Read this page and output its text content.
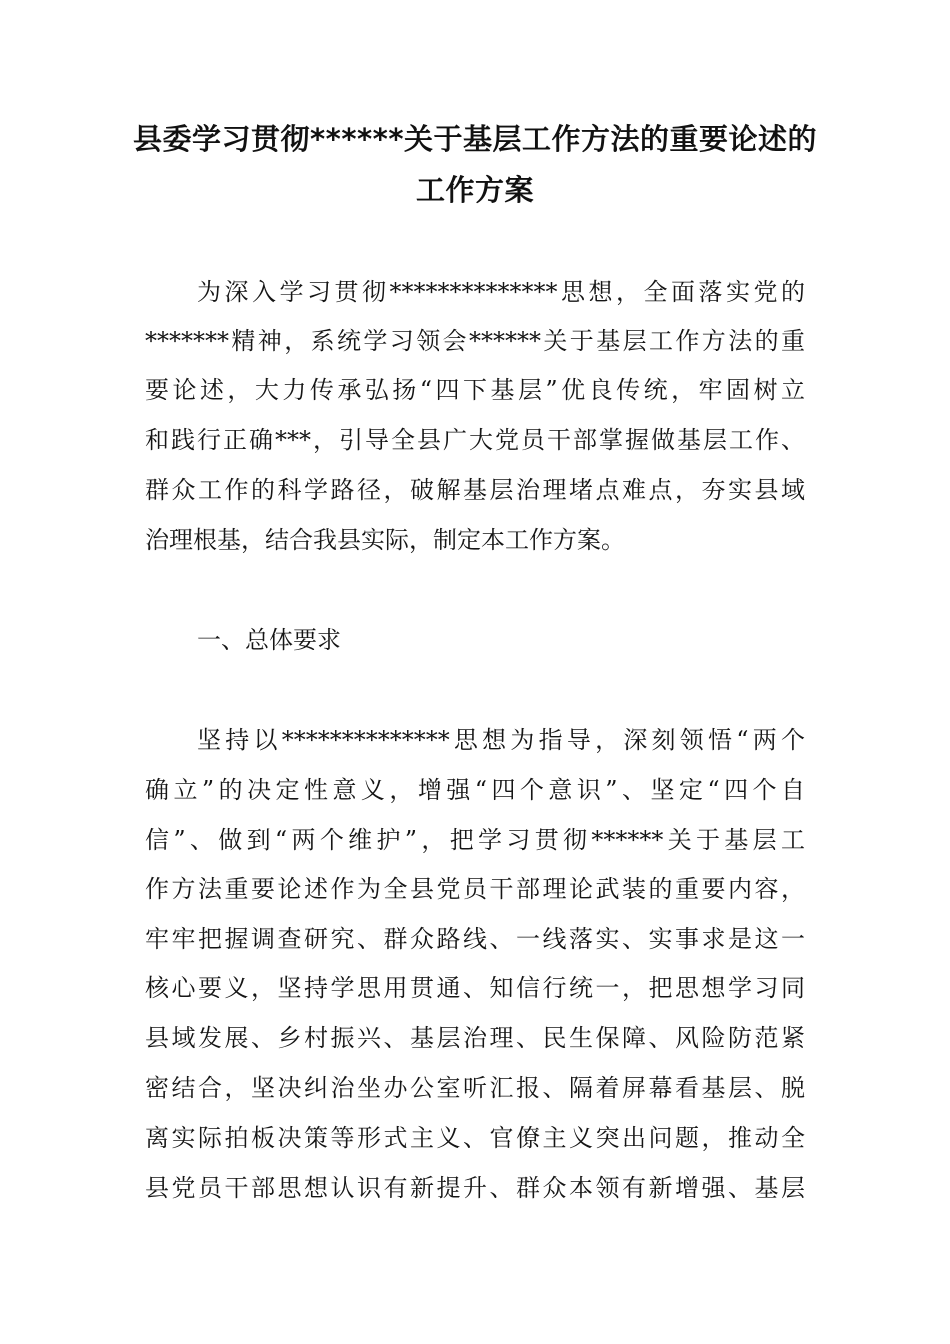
县委学习贯彻******关于基层工作方法的重要论述的
工作方案
为深入学习贯彻**************思想，全面落实党的
*******精神，系统学习领会******关于基层工作方法的重
要论述，大力传承弘扬“四下基层”优良传统，牢固树立
和践行正确***，引导全县广大党员干部掌握做基层工作、
群众工作的科学路径，破解基层治理堵点难点，夯实县域
治理根基，结合我县实际，制定本工作方案。
一、总体要求
坚持以**************思想为指导，深刻领悟“两个
确立”的决定性意义，增强“四个意识”、坚定“四个自
信”、做到“两个维护”，把学习贯彻******关于基层工
作方法重要论述作为全县党员干部理论武装的重要内容，
牢牢把握调查研究、群众路线、一线落实、实事求是这一
核心要义，坚持学思用贯通、知信行统一，把思想学习同
县域发展、乡村振兴、基层治理、民生保障、风险防范紧
密结合，坚决纠治坐办公室听汇报、隔着屏幕看基层、脱
离实际拍板决策等形式主义、官僚主义突出问题，推动全
县党员干部思想认识有新提升、群众本领有新增强、基层
